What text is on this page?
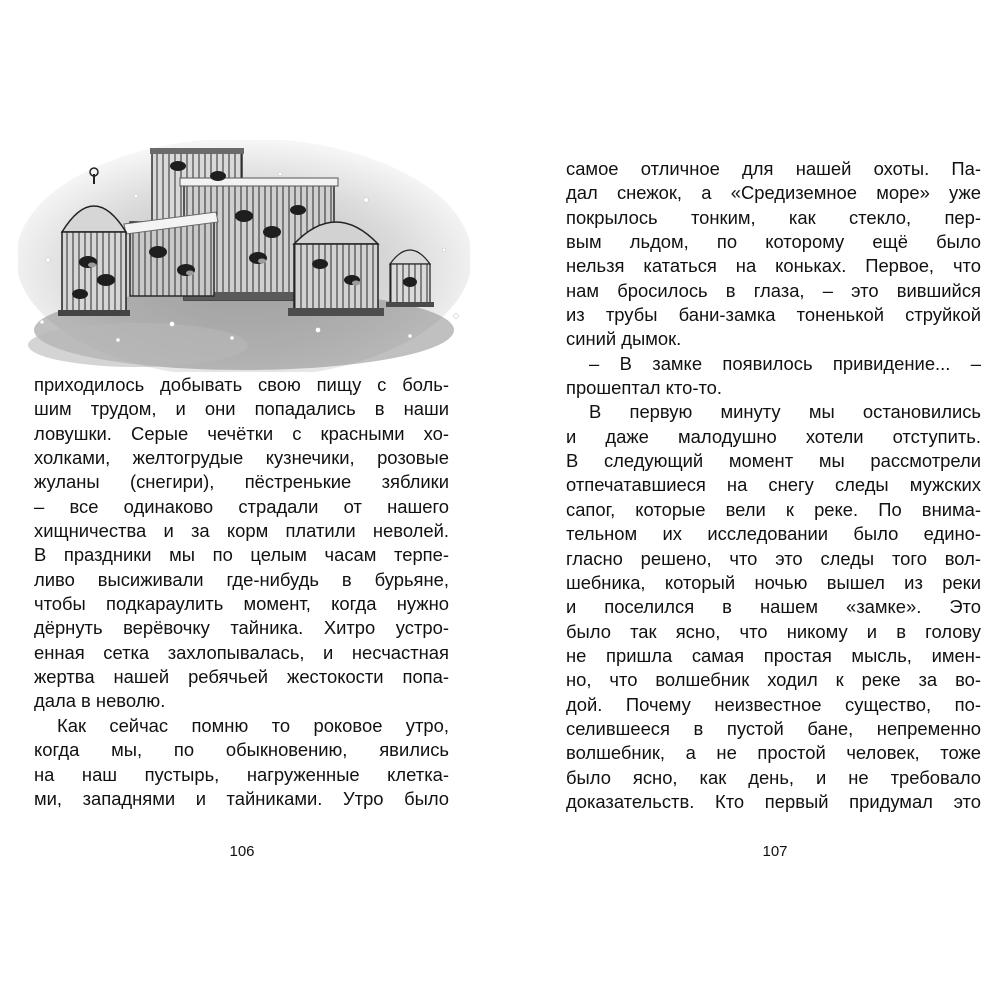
приходилось добывать свою пищу с боль-
шим трудом, и они попадались в наши
ловушки. Серые чечётки с красными хо-
холками, желтогрудые кузнечики, розовые
жуланы (снегири), пёстренькие зяблики
– все одинаково страдали от нашего
хищничества и за корм платили неволей.
В праздники мы по целым часам терпе-
ливо высиживали где-нибудь в бурьяне,
чтобы подкараулить момент, когда нужно
дёрнуть верёвочку тайника. Хитро устро-
енная сетка захлопывалась, и несчастная
жертва нашей ребячьей жестокости попа-
дала в неволю.
Как сейчас помню то роковое утро,
когда мы, по обыкновению, явились
на наш пустырь, нагруженные клетка-
ми, западнями и тайниками. Утро было
106
самое отличное для нашей охоты. Па-
дал снежок, а «Средиземное море» уже
покрылось тонким, как стекло, пер-
вым льдом, по которому ещё было
нельзя кататься на коньках. Первое, что
нам бросилось в глаза, – это вившийся
из трубы бани-замка тоненькой струйкой
синий дымок.
– В замке появилось привидение... –
прошептал кто-то.
В первую минуту мы остановились
и даже малодушно хотели отступить.
В следующий момент мы рассмотрели
отпечатавшиеся на снегу следы мужских
сапог, которые вели к реке. По внима-
тельном их исследовании было едино-
гласно решено, что это следы того вол-
шебника, который ночью вышел из реки
и поселился в нашем «замке». Это
было так ясно, что никому и в голову
не пришла самая простая мысль, имен-
но, что волшебник ходил к реке за во-
дой. Почему неизвестное существо, по-
селившееся в пустой бане, непременно
волшебник, а не простой человек, тоже
было ясно, как день, и не требовало
доказательств. Кто первый придумал это
107
